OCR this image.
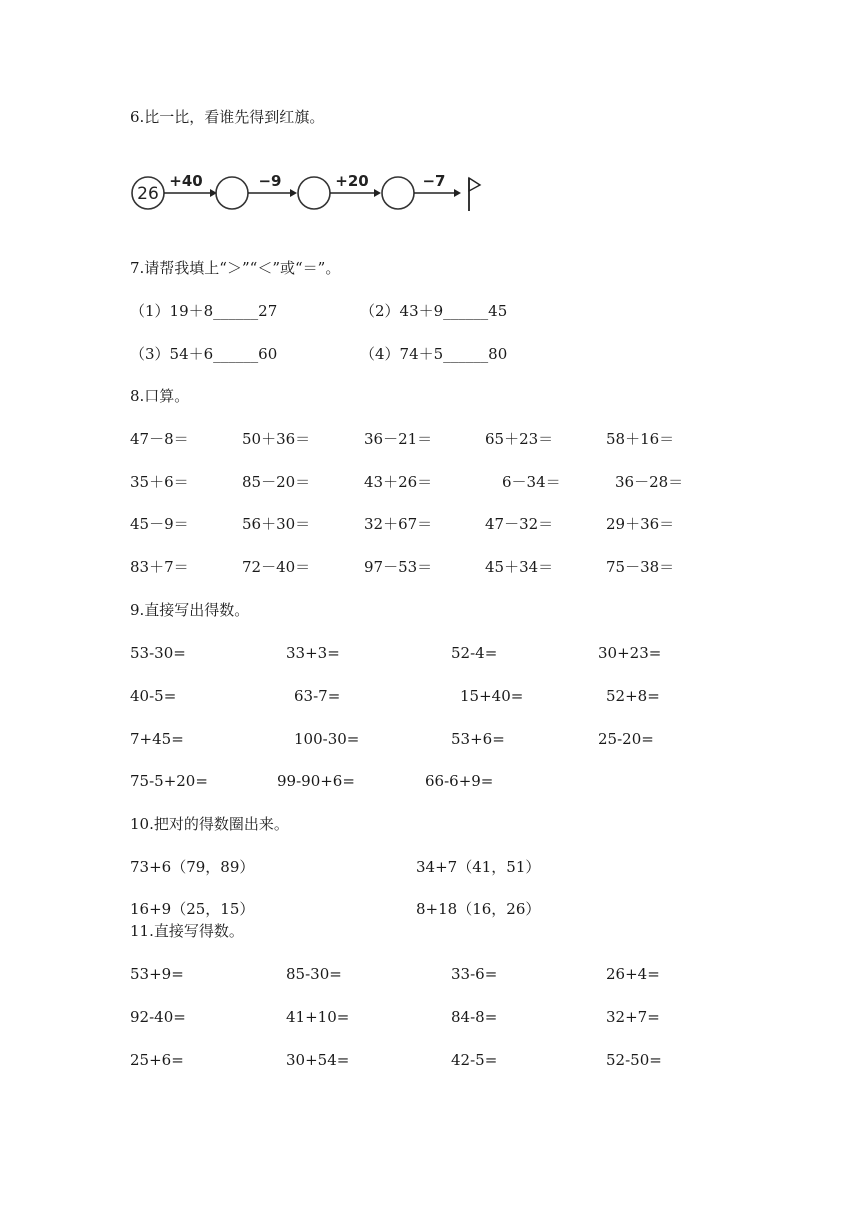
6.比一比，看谁先得到红旗。
26
+40	−9	+20	−7
7.请帮我填上“＞”“＜”或“＝”。
（1）19＋8______27	（2）43＋9______45
（3）54＋6______60	（4）74＋5______80
8.口算。
47－8＝	50＋36＝	36－21＝	65＋23＝	58＋16＝
35＋6＝	85－20＝	43＋26＝	6－34＝	36－28＝
45－9＝	56＋30＝	32＋67＝	47－32＝	29＋36＝
83＋7＝	72－40＝	97－53＝	45＋34＝	75－38＝
9.直接写出得数。
53-30=	33+3=	52-4=	30+23=
40-5=	63-7=	15+40=	52+8=
7+45=	100-30=	53+6=	25-20=
75-5+20=	99-90+6=	66-6+9=
10.把对的得数圈出来。
73+6（79，89）	34+7（41，51）
16+9（25，15）	8+18（16，26）
11.直接写得数。
53+9=	85-30=	33-6=	26+4=
92-40=	41+10=	84-8=	32+7=
25+6=	30+54=	42-5=	52-50=
